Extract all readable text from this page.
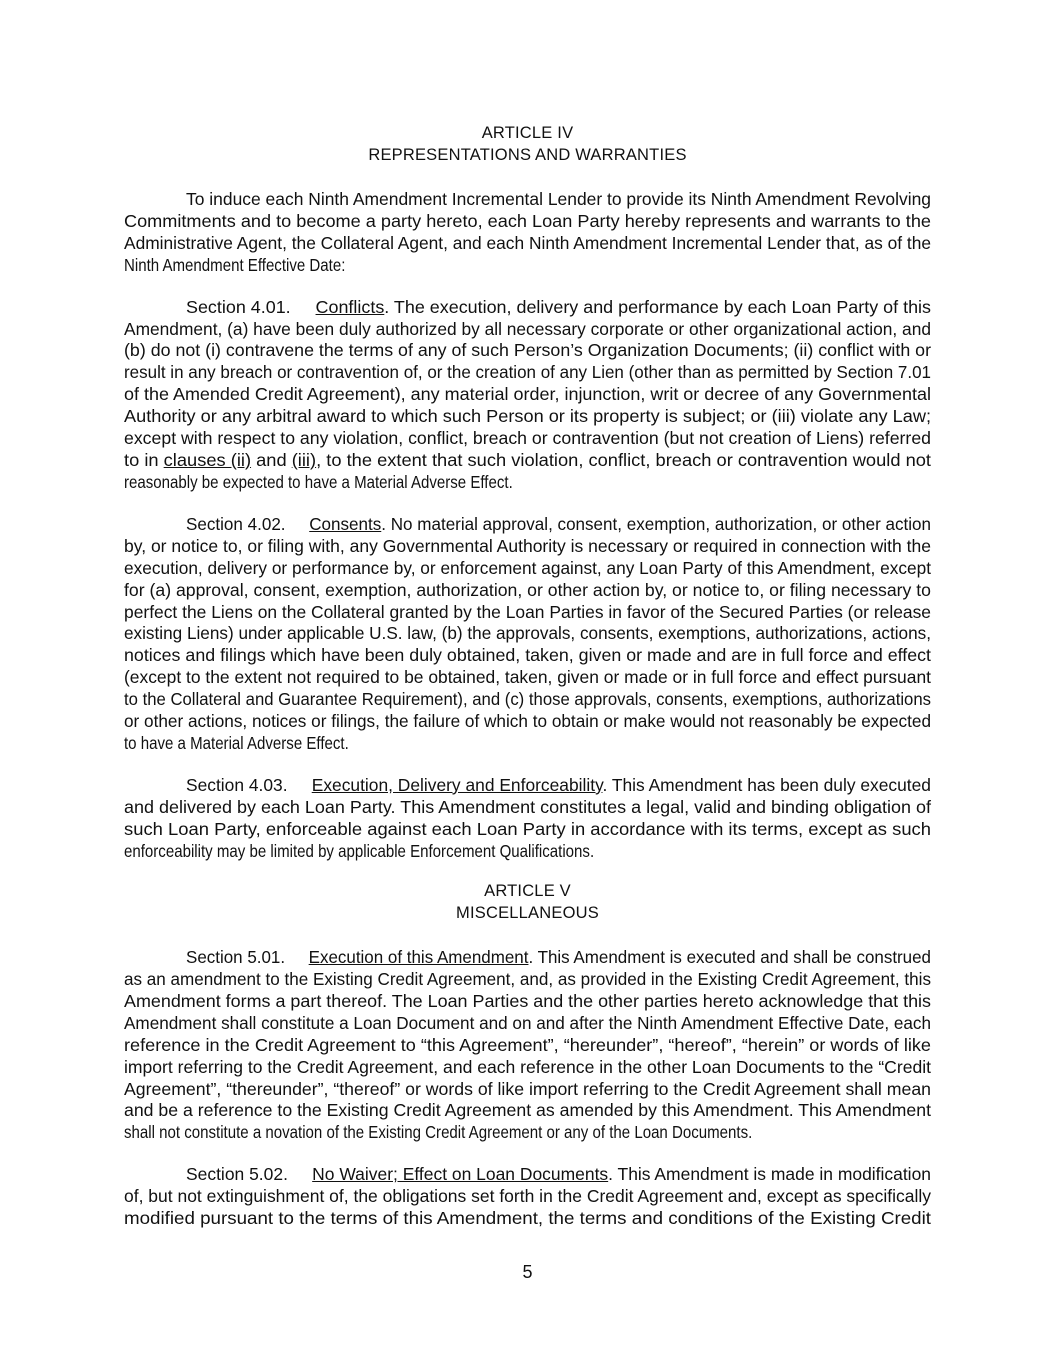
ARTICLE IV
REPRESENTATIONS AND WARRANTIES
To induce each Ninth Amendment Incremental Lender to provide its Ninth Amendment Revolving
Commitments and to become a party hereto, each Loan Party hereby represents and warrants to the
Administrative Agent, the Collateral Agent, and each Ninth Amendment Incremental Lender that, as of the
Ninth Amendment Effective Date:
Section 4.01. Conflicts. The execution, delivery and performance by each Loan Party of this
Amendment, (a) have been duly authorized by all necessary corporate or other organizational action, and
(b) do not (i) contravene the terms of any of such Person’s Organization Documents; (ii) conflict with or
result in any breach or contravention of, or the creation of any Lien (other than as permitted by Section 7.01
of the Amended Credit Agreement), any material order, injunction, writ or decree of any Governmental
Authority or any arbitral award to which such Person or its property is subject; or (iii) violate any Law;
except with respect to any violation, conflict, breach or contravention (but not creation of Liens) referred
to in clauses (ii) and (iii), to the extent that such violation, conflict, breach or contravention would not
reasonably be expected to have a Material Adverse Effect.
Section 4.02. Consents. No material approval, consent, exemption, authorization, or other action
by, or notice to, or filing with, any Governmental Authority is necessary or required in connection with the
execution, delivery or performance by, or enforcement against, any Loan Party of this Amendment, except
for (a) approval, consent, exemption, authorization, or other action by, or notice to, or filing necessary to
perfect the Liens on the Collateral granted by the Loan Parties in favor of the Secured Parties (or release
existing Liens) under applicable U.S. law, (b) the approvals, consents, exemptions, authorizations, actions,
notices and filings which have been duly obtained, taken, given or made and are in full force and effect
(except to the extent not required to be obtained, taken, given or made or in full force and effect pursuant
to the Collateral and Guarantee Requirement), and (c) those approvals, consents, exemptions, authorizations
or other actions, notices or filings, the failure of which to obtain or make would not reasonably be expected
to have a Material Adverse Effect.
Section 4.03. Execution, Delivery and Enforceability. This Amendment has been duly executed
and delivered by each Loan Party. This Amendment constitutes a legal, valid and binding obligation of
such Loan Party, enforceable against each Loan Party in accordance with its terms, except as such
enforceability may be limited by applicable Enforcement Qualifications.
ARTICLE V
MISCELLANEOUS
Section 5.01. Execution of this Amendment. This Amendment is executed and shall be construed
as an amendment to the Existing Credit Agreement, and, as provided in the Existing Credit Agreement, this
Amendment forms a part thereof. The Loan Parties and the other parties hereto acknowledge that this
Amendment shall constitute a Loan Document and on and after the Ninth Amendment Effective Date, each
reference in the Credit Agreement to “this Agreement”, “hereunder”, “hereof”, “herein” or words of like
import referring to the Credit Agreement, and each reference in the other Loan Documents to the “Credit
Agreement”, “thereunder”, “thereof” or words of like import referring to the Credit Agreement shall mean
and be a reference to the Existing Credit Agreement as amended by this Amendment. This Amendment
shall not constitute a novation of the Existing Credit Agreement or any of the Loan Documents.
Section 5.02. No Waiver; Effect on Loan Documents. This Amendment is made in modification
of, but not extinguishment of, the obligations set forth in the Credit Agreement and, except as specifically
modified pursuant to the terms of this Amendment, the terms and conditions of the Existing Credit
5
